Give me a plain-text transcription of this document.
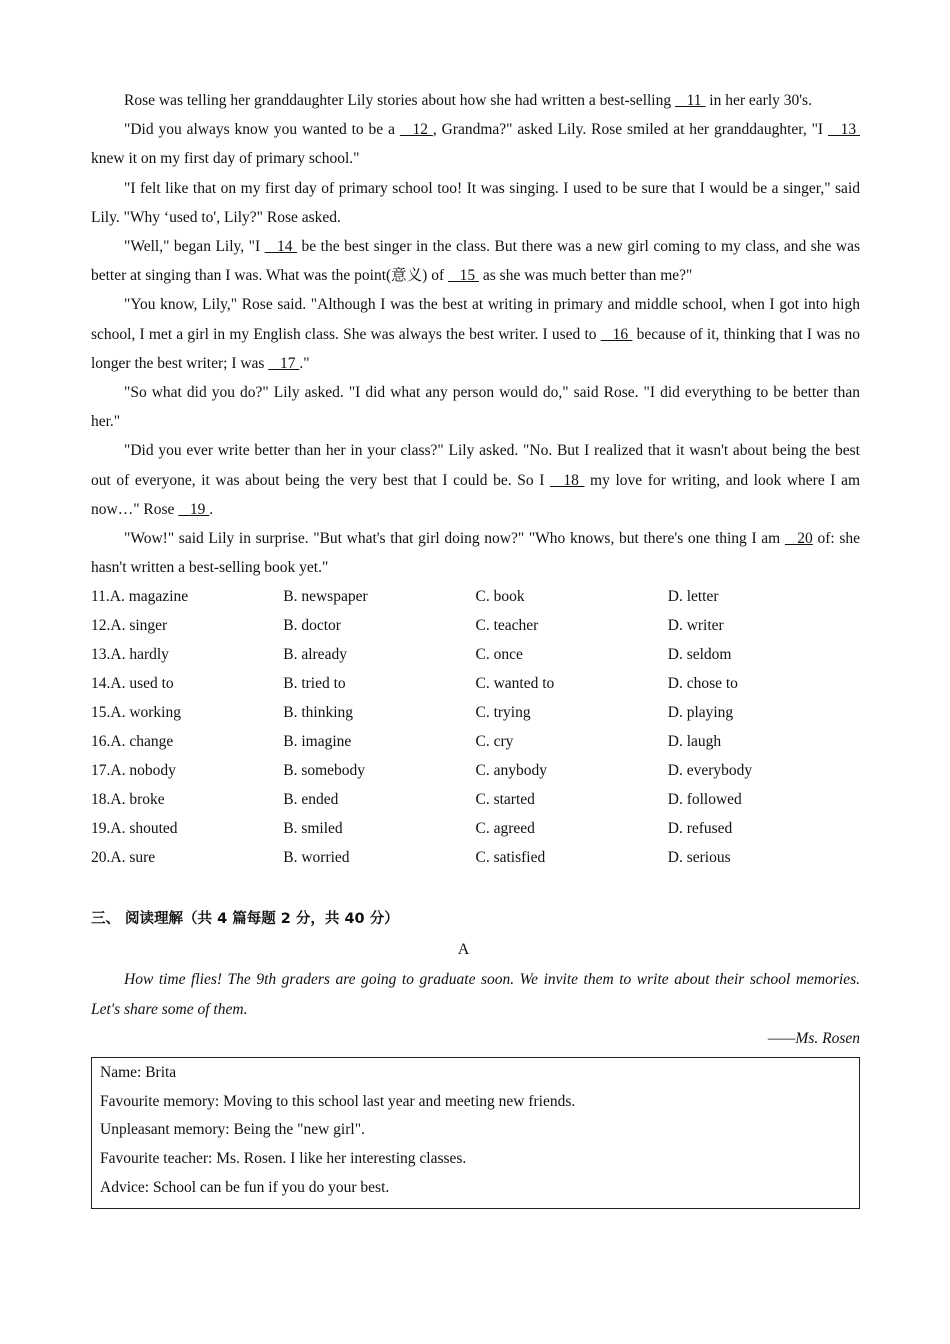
Rose was telling her granddaughter Lily stories about how she had written a best-selling  _11  in her early 30's.

"Did you always know you wanted to be a  _12 , Grandma?" asked Lily. Rose smiled at her granddaughter, "I  _13  knew it on my first day of primary school."

"I felt like that on my first day of primary school too! It was singing. I used to be sure that I would be a singer," said Lily. "Why ‘used to', Lily?" Rose asked.

"Well," began Lily, "I  _14  be the best singer in the class. But there was a new girl coming to my class, and she was better at singing than I was. What was the point(意义) of  _15  as she was much better than me?"

"You know, Lily," Rose said. "Although I was the best at writing in primary and middle school, when I got into high school, I met a girl in my English class. She was always the best writer. I used to  _16  because of it, thinking that I was no longer the best writer; I was  _17 ."

"So what did you do?" Lily asked. "I did what any person would do," said Rose. "I did everything to be better than her."

"Did you ever write better than her in your class?" Lily asked. "No. But I realized that it wasn't about being the best out of everyone, it was about being the very best that I could be. So I  _18  my love for writing, and look where I am now…" Rose  _19 .

"Wow!" said Lily in surprise. "But what's that girl doing now?" "Who knows, but there's one thing I am  _20 of: she hasn't written a best-selling book yet."

11.A. magazine	B. newspaper	C. book	D. letter
12.A. singer	B. doctor	C. teacher	D. writer
13.A. hardly	B. already	C. once	D. seldom
14.A. used to	B. tried to	C. wanted to	D. chose to
15.A. working	B. thinking	C. trying	D. playing
16.A. change	B. imagine	C. cry	D. laugh
17.A. nobody	B. somebody	C. anybody	D. everybody
18.A. broke	B. ended	C. started	D. followed
19.A. shouted	B. smiled	C. agreed	D. refused
20.A. sure	B. worried	C. satisfied	D. serious
三、 阅读理解（共 4 篇每题 2 分，共 40 分）
A

How time flies! The 9th graders are going to graduate soon. We invite them to write about their school memories. Let's share some of them.

——Ms. Rosen
Name: Brita
Favourite memory: Moving to this school last year and meeting new friends.
Unpleasant memory: Being the "new girl".
Favourite teacher: Ms. Rosen. I like her interesting classes.
Advice: School can be fun if you do your best.
